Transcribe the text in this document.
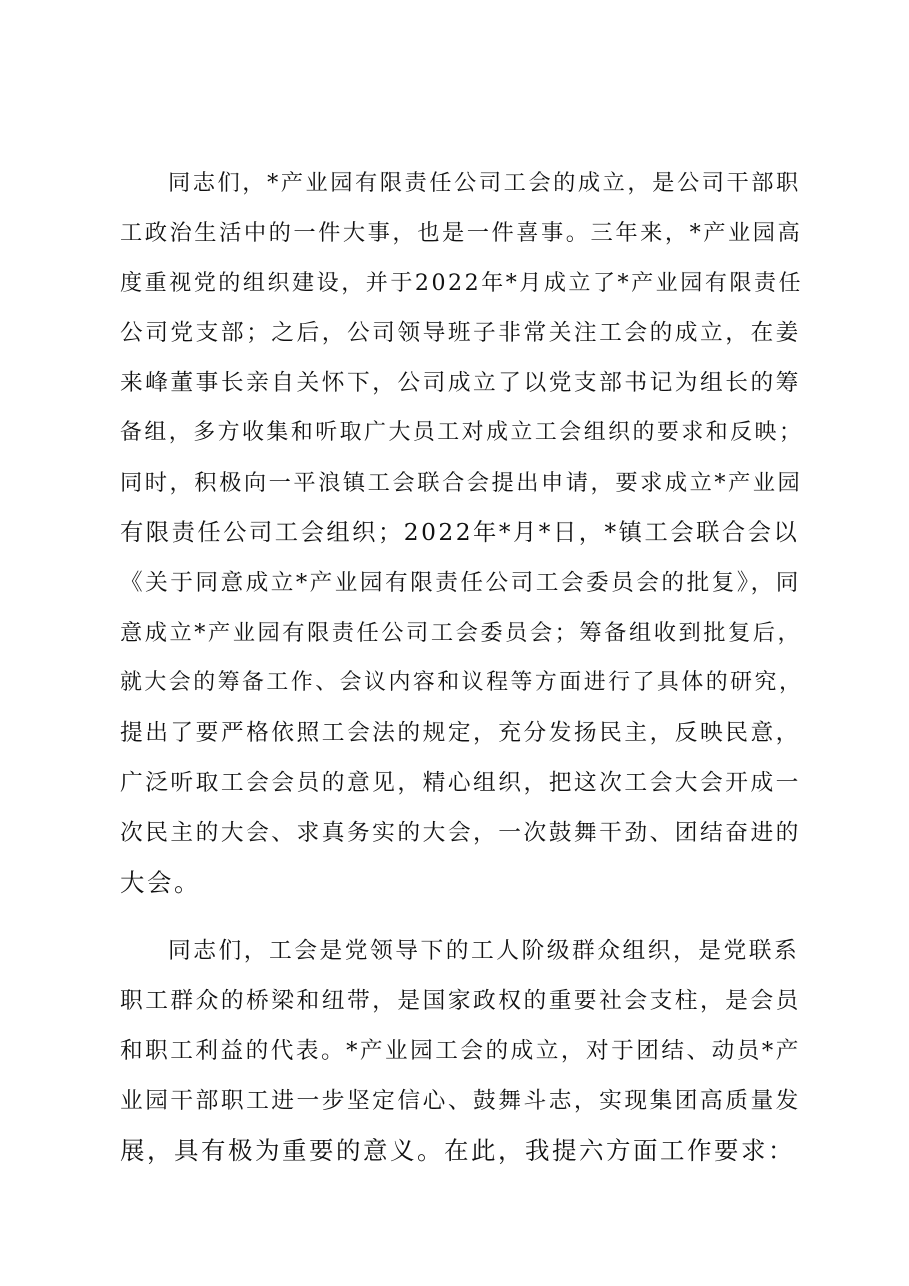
同志们，*产业园有限责任公司工会的成立，是公司干部职
工政治生活中的一件大事，也是一件喜事。三年来，*产业园高
度重视党的组织建设，并于2022年*月成立了*产业园有限责任
公司党支部；之后，公司领导班子非常关注工会的成立，在姜
来峰董事长亲自关怀下，公司成立了以党支部书记为组长的筹
备组，多方收集和听取广大员工对成立工会组织的要求和反映；
同时，积极向一平浪镇工会联合会提出申请，要求成立*产业园
有限责任公司工会组织；2022年*月*日，*镇工会联合会以
《关于同意成立*产业园有限责任公司工会委员会的批复》，同
意成立*产业园有限责任公司工会委员会；筹备组收到批复后，
就大会的筹备工作、会议内容和议程等方面进行了具体的研究，
提出了要严格依照工会法的规定，充分发扬民主，反映民意，
广泛听取工会会员的意见，精心组织，把这次工会大会开成一
次民主的大会、求真务实的大会，一次鼓舞干劲、团结奋进的
大会。
同志们，工会是党领导下的工人阶级群众组织，是党联系
职工群众的桥梁和纽带，是国家政权的重要社会支柱，是会员
和职工利益的代表。*产业园工会的成立，对于团结、动员*产
业园干部职工进一步坚定信心、鼓舞斗志，实现集团高质量发
展，具有极为重要的意义。在此，我提六方面工作要求：
